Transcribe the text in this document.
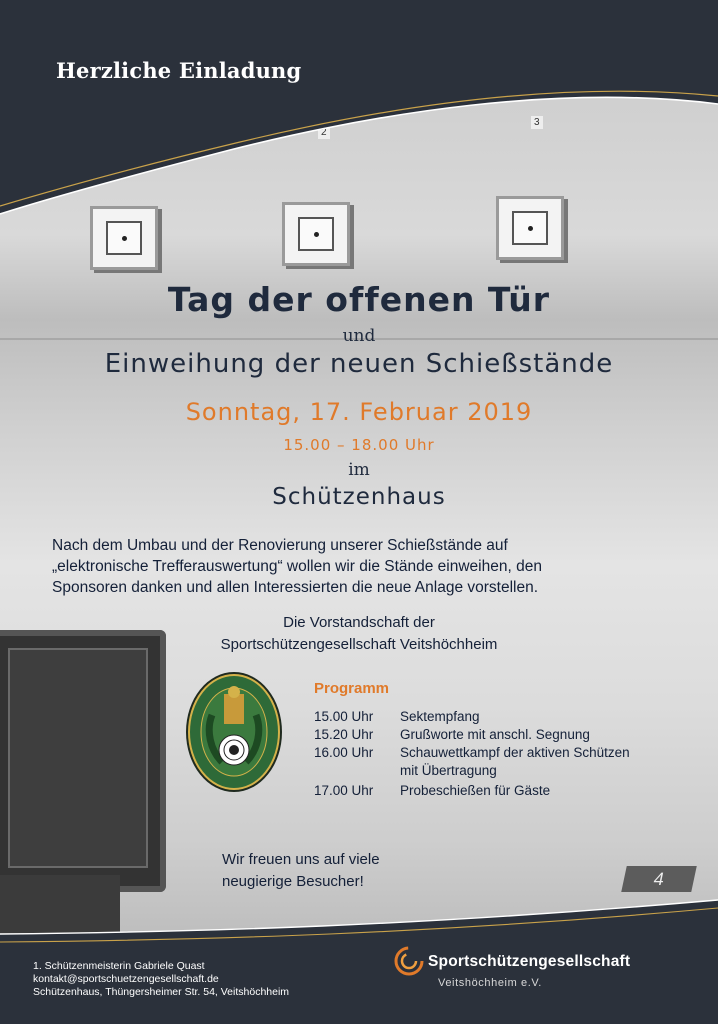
2
3
4
Herzliche Einladung
Tag der offenen Tür
und
Einweihung der neuen Schießstände
Sonntag, 17. Februar 2019
15.00 – 18.00 Uhr
im
Schützenhaus
Nach dem Umbau und der Renovierung unserer Schießstände auf
„elektronische Trefferauswertung“ wollen wir die Stände einweihen, den
Sponsoren danken und allen Interessierten die neue Anlage vorstellen.
Die Vorstandschaft der
Sportschützengesellschaft Veitshöchheim
Programm
15.00 Uhr Sektempfang
15.20 Uhr Grußworte mit anschl. Segnung
16.00 Uhr Schauwettkampf der aktiven Schützen
mit Übertragung
17.00 Uhr Probeschießen für Gäste
Wir freuen uns auf viele
neugierige Besucher!
1. Schützenmeisterin Gabriele Quast
kontakt@sportschuetzengesellschaft.de
Schützenhaus, Thüngersheimer Str. 54, Veitshöchheim
Sportschützengesellschaft
Veitshöchheim e.V.
